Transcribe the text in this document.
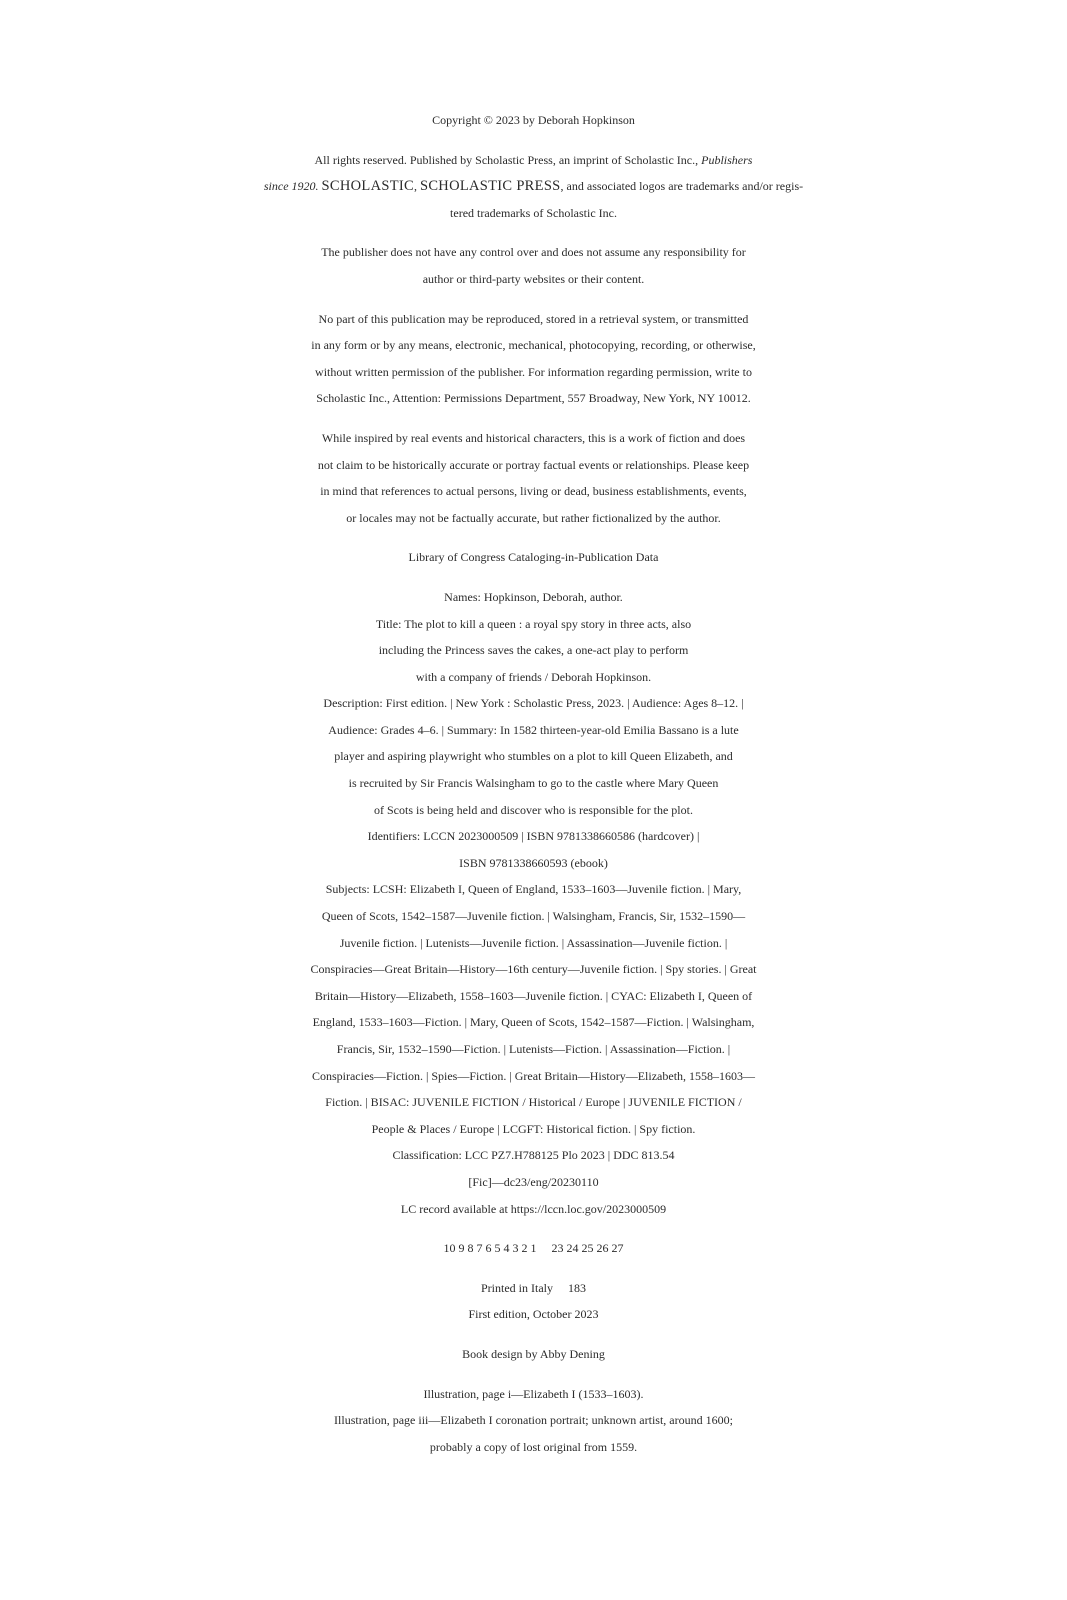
Copyright © 2023 by Deborah Hopkinson
All rights reserved. Published by Scholastic Press, an imprint of Scholastic Inc., Publishers
since 1920. SCHOLASTIC, SCHOLASTIC PRESS, and associated logos are trademarks and/or regis-
tered trademarks of Scholastic Inc.
The publisher does not have any control over and does not assume any responsibility for
author or third-party websites or their content.
No part of this publication may be reproduced, stored in a retrieval system, or transmitted
in any form or by any means, electronic, mechanical, photocopying, recording, or otherwise,
without written permission of the publisher. For information regarding permission, write to
Scholastic Inc., Attention: Permissions Department, 557 Broadway, New York, NY 10012.
While inspired by real events and historical characters, this is a work of fiction and does
not claim to be historically accurate or portray factual events or relationships. Please keep
in mind that references to actual persons, living or dead, business establishments, events,
or locales may not be factually accurate, but rather fictionalized by the author.
Library of Congress Cataloging-in-Publication Data
Names: Hopkinson, Deborah, author.
Title: The plot to kill a queen : a royal spy story in three acts, also
including the Princess saves the cakes, a one-act play to perform
with a company of friends / Deborah Hopkinson.
Description: First edition. | New York : Scholastic Press, 2023. | Audience: Ages 8–12. |
Audience: Grades 4–6. | Summary: In 1582 thirteen-year-old Emilia Bassano is a lute
player and aspiring playwright who stumbles on a plot to kill Queen Elizabeth, and
is recruited by Sir Francis Walsingham to go to the castle where Mary Queen
of Scots is being held and discover who is responsible for the plot.
Identifiers: LCCN 2023000509 | ISBN 9781338660586 (hardcover) |
ISBN 9781338660593 (ebook)
Subjects: LCSH: Elizabeth I, Queen of England, 1533–1603—Juvenile fiction. | Mary,
Queen of Scots, 1542–1587—Juvenile fiction. | Walsingham, Francis, Sir, 1532–1590—
Juvenile fiction. | Lutenists—Juvenile fiction. | Assassination—Juvenile fiction. |
Conspiracies—Great Britain—History—16th century—Juvenile fiction. | Spy stories. | Great
Britain—History—Elizabeth, 1558–1603—Juvenile fiction. | CYAC: Elizabeth I, Queen of
England, 1533–1603—Fiction. | Mary, Queen of Scots, 1542–1587—Fiction. | Walsingham,
Francis, Sir, 1532–1590—Fiction. | Lutenists—Fiction. | Assassination—Fiction. |
Conspiracies—Fiction. | Spies—Fiction. | Great Britain—History—Elizabeth, 1558–1603—
Fiction. | BISAC: JUVENILE FICTION / Historical / Europe | JUVENILE FICTION /
People & Places / Europe | LCGFT: Historical fiction. | Spy fiction.
Classification: LCC PZ7.H788125 Plo 2023 | DDC 813.54
[Fic]—dc23/eng/20230110
LC record available at https://lccn.loc.gov/2023000509
10 9 8 7 6 5 4 3 2 1     23 24 25 26 27
Printed in Italy     183
First edition, October 2023
Book design by Abby Dening
Illustration, page i—Elizabeth I (1533–1603).
Illustration, page iii—Elizabeth I coronation portrait; unknown artist, around 1600;
probably a copy of lost original from 1559.
